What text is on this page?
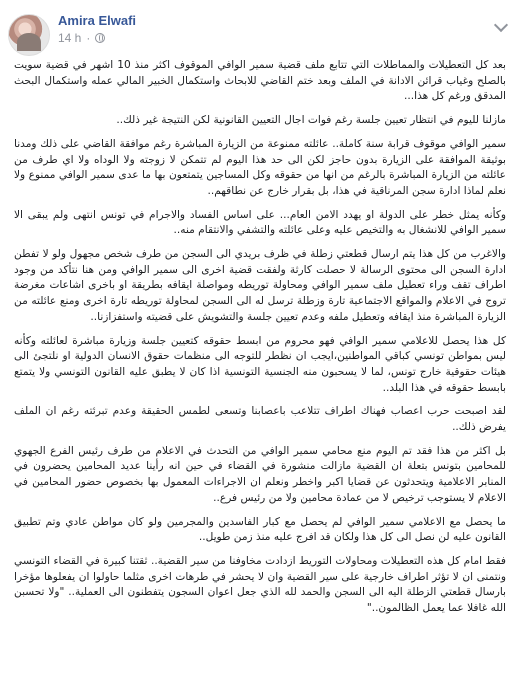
Amira Elwafi
14 h ·

بعد كل التعطيلات والمماطلات التي تتابع ملف قضية سمير الوافي الموقوف اكثر منذ 10 اشهر في قضية سويت بالصلح وغياب قرائن الادانة في الملف وبعد ختم القاضي للابحاث واستكمال الخبير المالي عمله واستكمال البحث المدقق ورغم كل هذا...

مازلنا لليوم في انتظار تعيين جلسة رغم فوات اجال التعيين القانونية لكن النتيجة غير ذلك..

سمير الوافي موقوف قرابة سنة كاملة.. عائلته ممنوعة من الزيارة المباشرة رغم موافقة القاضي على ذلك ومدنا بوثيقة الموافقة على الزيارة بدون حاجز لكن الى حد هذا اليوم لم تتمكن لا زوجته ولا الوداه ولا اي طرف من عائلته من الزيارة المباشرة بالرغم من انها من حقوقه وكل المساجين يتمتعون بها ما عدى سمير الوافي ممنوع ولا نعلم لماذا ادارة سجن المرناقية في هذا، بل بقرار خارج عن نطاقهم..

وكأنه يمثل خطر على الدولة او يهدد الامن العام... على اساس الفساد والاجرام في تونس انتهى ولم يبقى الا سمير الوافي للانشغال به والتخيص عليه وعلى عائلته والتشفي والانتقام منه..

والاغرب من كل هذا يتم ارسال قطعتي زطلة في ظرف بريدي الى السجن من طرف شخص مجهول ولو لا تفطن ادارة السجن الى محتوى الرسالة لا حصلت كارثة ولفقت قضية اخرى الى سمير الوافي ومن هنا نتأكد من وجود اطراف تقف وراء تعطيل ملف سمير الوافي ومحاولة توريطه ومواصلة ايقافه بطريقة او باخرى اشاعات مغرضة تروج في الاعلام والمواقع الاجتماعية تارة وزطلة ترسل له الى السجن لمحاولة توريطه تارة اخرى ومنع عائلته من الزيارة المباشرة منذ ايقافه وتعطيل ملفه وعدم تعيين جلسة والتشويش على قضيته واستفزازنا..

كل هذا يحصل للاعلامي سمير الوافي فهو محروم من ابسط حقوقه كتعيين جلسة وزيارة مباشرة لعائلته وكأنه ليس بمواطن تونسي كباقي المواطنين،ايجب ان نظطر للتوجه الى منظمات حقوق الانسان الدولية او نلتجئ الى هيئات حقوقية خارج تونس، لما لا يسحبون منه الجنسية التونسية اذا كان لا يطبق عليه القانون التونسي ولا يتمتع بابسط حقوقه في هذا البلد..

لقد اصبحت حرب اعصاب فهناك اطراف تتلاعب باعصابنا وتسعى لطمس الحقيقة وعدم تبرئته رغم ان الملف يفرض ذلك..

بل اكثر من هذا فقد تم اليوم منع محامي سمير الوافي من التحدث في الاعلام من طرف رئيس الفرع الجهوي للمحامين بتونس بتعلة ان القضية مازالت منشورة في القضاء في حين انه رأينا عديد المحامين يحضرون في المنابر الاعلامية ويتحدثون عن قضايا اكبر واخطر ونعلم ان الاجراءات المعمول بها بخصوص حضور المحامين في الاعلام لا يستوجب ترخيص لا من عمادة محامين ولا من رئيس فرع..

ما يحصل مع الاعلامي سمير الوافي لم يحصل مع كبار الفاسدين والمجرمين ولو كان مواطن عادي وتم تطبيق القانون عليه لن نصل الى كل هذا ولكان قد افرج عليه منذ زمن طويل..

فقط امام كل هذه التعطيلات ومحاولات التوريط ازدادت مخاوفنا من سير القضية.. ثقتنا كبيرة في القضاء التونسي ونتمنى ان لا تؤثر اطراف خارجية على سير القضية وان لا يحشر في طرهات اخرى مثلما حاولوا ان يفعلوها مؤخرا بارسال قطعتي الزطلة اليه الى السجن والحمد لله الذي جعل اعوان السجون يتفطنون الى العملية.. "ولا تحسبن الله غافلا عما يعمل الظالمون.."
